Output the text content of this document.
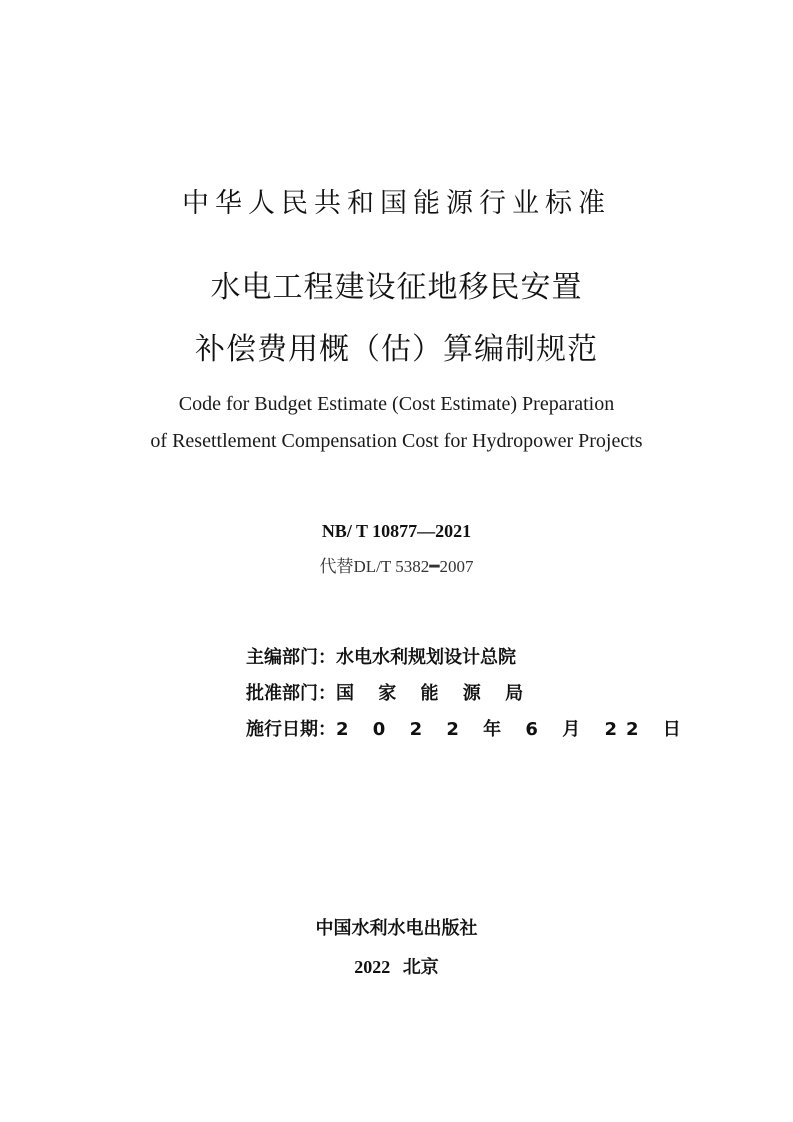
中华人民共和国能源行业标准
水电工程建设征地移民安置
补偿费用概（估）算编制规范
Code for Budget Estimate (Cost Estimate) Preparation
of Resettlement Compensation Cost for Hydropower Projects
NB/ T 10877—2021
代替DL/T 5382━2007
主编部门：水电水利规划设计总院
批准部门：国 家 能 源 局
施行日期：2 0 2 2 年 6 月 22 日
中国水利水电出版社
2022 北京
